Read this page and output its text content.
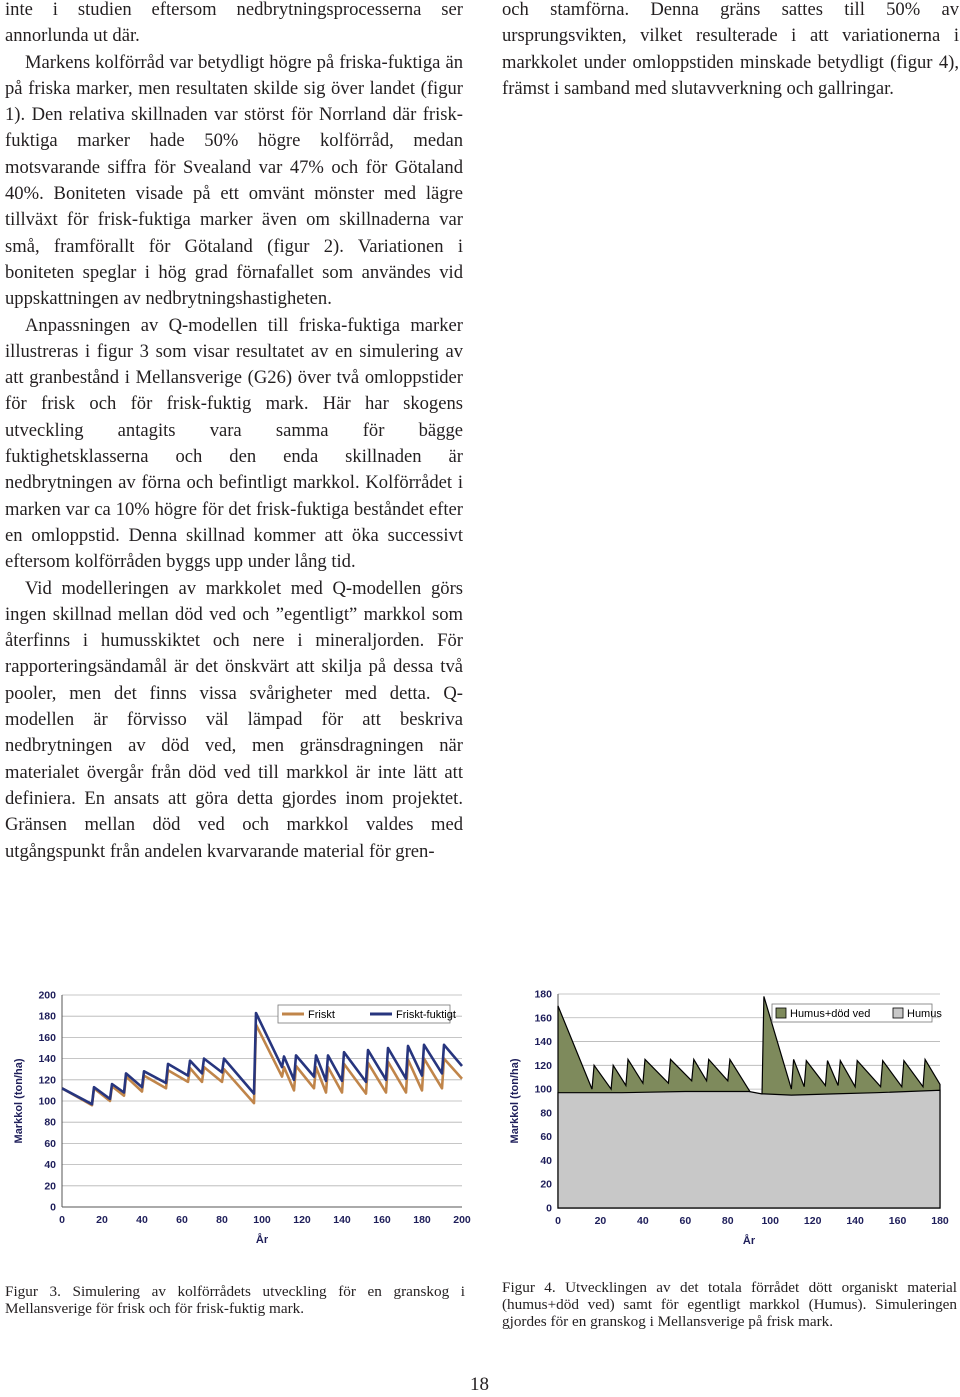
inte i studien eftersom nedbrytningsprocesserna ser annorlunda ut där.

Markens kolförråd var betydligt högre på friska-fuktiga än på friska marker, men resultaten skilde sig över landet (figur 1). Den relativa skillnaden var störst för Norrland där frisk-fuktiga marker hade 50% högre kolförråd, medan motsvarande siffra för Svealand var 47% och för Götaland 40%. Boniteten visade på ett omvänt mönster med lägre tillväxt för frisk-fuktiga marker även om skillnaderna var små, framförallt för Götaland (figur 2). Variationen i boniteten speglar i hög grad förnafallet som användes vid uppskattningen av nedbrytningshastigheten.

Anpassningen av Q-modellen till friska-fuktiga marker illustreras i figur 3 som visar resultatet av en simulering av att granbestånd i Mellansverige (G26) över två omloppstider för frisk och för frisk-fuktig mark. Här har skogens utveckling antagits vara samma för bägge fuktighetsklasserna och den enda skillnaden är nedbrytningen av förna och befintligt markkol. Kolförrådet i marken var ca 10% högre för det frisk-fuktiga beståndet efter en omloppstid. Denna skillnad kommer att öka successivt eftersom kolförråden byggs upp under lång tid.

Vid modelleringen av markkolet med Q-modellen görs ingen skillnad mellan död ved och ”egentligt” markkol som återfinns i humusskiktet och nere i mineraljorden. För rapporteringsändamål är det önskvärt att skilja på dessa två pooler, men det finns vissa svårigheter med detta. Q-modellen är förvisso väl lämpad för att beskriva nedbrytningen av död ved, men gränsdragningen när materialet övergår från död ved till markkol är inte lätt att definiera. En ansats att göra detta gjordes inom projektet. Gränsen mellan död ved och markkol valdes med utgångspunkt från andelen kvarvarande material för gren-

och stamförna. Denna gräns sattes till 50% av ursprungsvikten, vilket resulterade i att variationerna i markkolet under omloppstiden minskade betydligt (figur 4), främst i samband med slutavverkning och gallringar.

0
20
40
60
80
100
120
140
160
180
200
0	20	40	60	80 100 120 140 160 180 200
År
Markkol (ton/ha)
Friskt	Friskt-fuktigt
0
20
40
60
80
100
120
140
160
180
0	20	40	60	80	100 120 140 160 180
År
Markkol (ton/ha)
Humus+död ved	Humus

Figur 3. Simulering av kolförrådets utveckling för en granskog i Mellansverige för frisk och för frisk-fuktig mark.

Figur 4. Utvecklingen av det totala förrådet dött organiskt material (humus+död ved) samt för egentligt markkol (Humus). Simuleringen gjordes för en granskog i Mellansverige på frisk mark.

18
